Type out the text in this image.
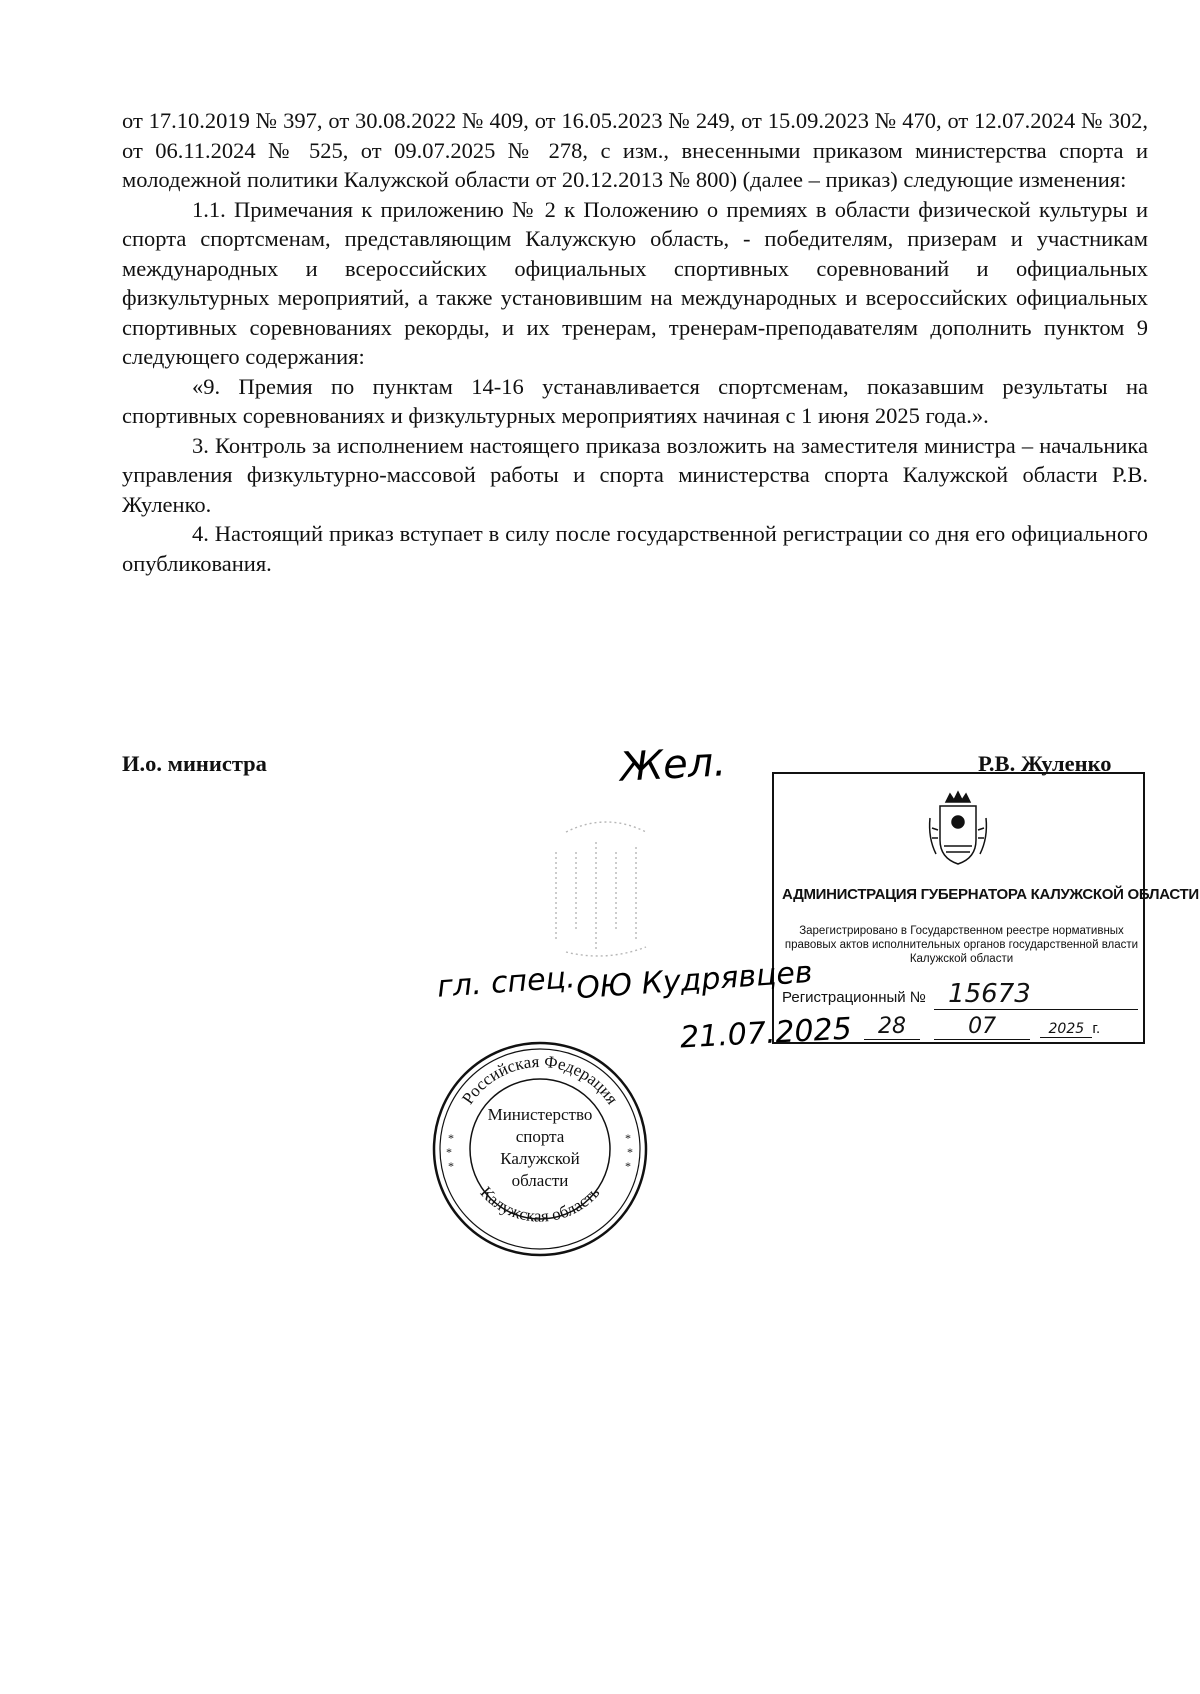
от 17.10.2019 № 397, от 30.08.2022 № 409, от 16.05.2023 № 249, от 15.09.2023 № 470, от 12.07.2024 № 302, от 06.11.2024 № 525, от 09.07.2025 № 278, с изм., внесенными приказом министерства спорта и молодежной политики Калужской области от 20.12.2013 № 800) (далее – приказ) следующие изменения:

1.1. Примечания к приложению № 2 к Положению о премиях в области физической культуры и спорта спортсменам, представляющим Калужскую область, - победителям, призерам и участникам международных и всероссийских официальных спортивных соревнований и официальных физкультурных мероприятий, а также установившим на международных и всероссийских официальных спортивных соревнованиях рекорды, и их тренерам, тренерам-преподавателям дополнить пунктом 9 следующего содержания:

«9. Премия по пунктам 14-16 устанавливается спортсменам, показавшим результаты на спортивных соревнованиях и физкультурных мероприятиях начиная с 1 июня 2025 года.».

3. Контроль за исполнением настоящего приказа возложить на заместителя министра – начальника управления физкультурно-массовой работы и спорта министерства спорта Калужской области Р.В. Жуленко.

4. Настоящий приказ вступает в силу после государственной регистрации со дня его официального опубликования.

И.о. министра	Жел.	Р.В. Жуленко
АДМИНИСТРАЦИЯ ГУБЕРНАТОРА КАЛУЖСКОЙ ОБЛАСТИ
Зарегистрировано в Государственном реестре нормативных правовых актов исполнительных органов государственной власти Калужской области
Регистрационный № 15673
28	07	2025 г.
гл. спец.
ОЮ Кудрявцев
21.07.2025
Российская Федерация
Калужская область
*
*
*
*
*
*
Министерство
спорта
Калужской
области
